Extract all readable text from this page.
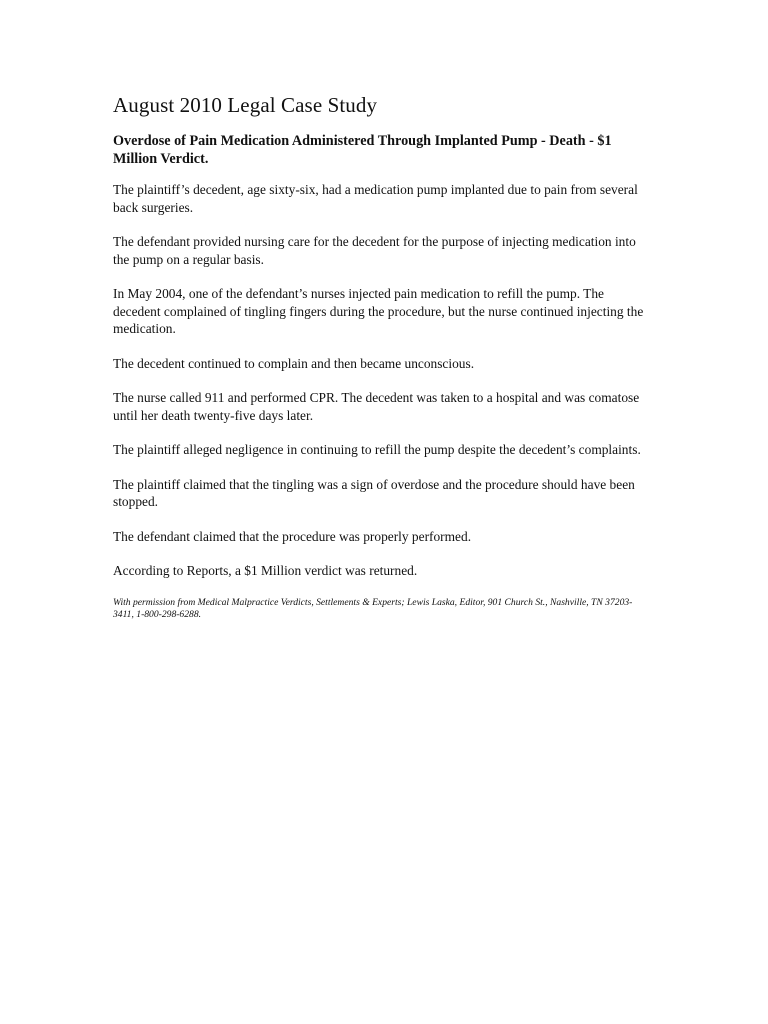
August 2010 Legal Case Study
Overdose of Pain Medication Administered Through Implanted Pump - Death - $1 Million Verdict.

The plaintiff’s decedent, age sixty-six, had a medication pump implanted due to pain from several back surgeries.

The defendant provided nursing care for the decedent for the purpose of injecting medication into the pump on a regular basis.

In May 2004, one of the defendant’s nurses injected pain medication to refill the pump. The decedent complained of tingling fingers during the procedure, but the nurse continued injecting the medication.

The decedent continued to complain and then became unconscious.

The nurse called 911 and performed CPR. The decedent was taken to a hospital and was comatose until her death twenty-five days later.

The plaintiff alleged negligence in continuing to refill the pump despite the decedent’s complaints.

The plaintiff claimed that the tingling was a sign of overdose and the procedure should have been stopped.

The defendant claimed that the procedure was properly performed.

According to Reports, a $1 Million verdict was returned.

With permission from Medical Malpractice Verdicts, Settlements & Experts; Lewis Laska, Editor, 901 Church St., Nashville, TN 37203-3411, 1-800-298-6288.
